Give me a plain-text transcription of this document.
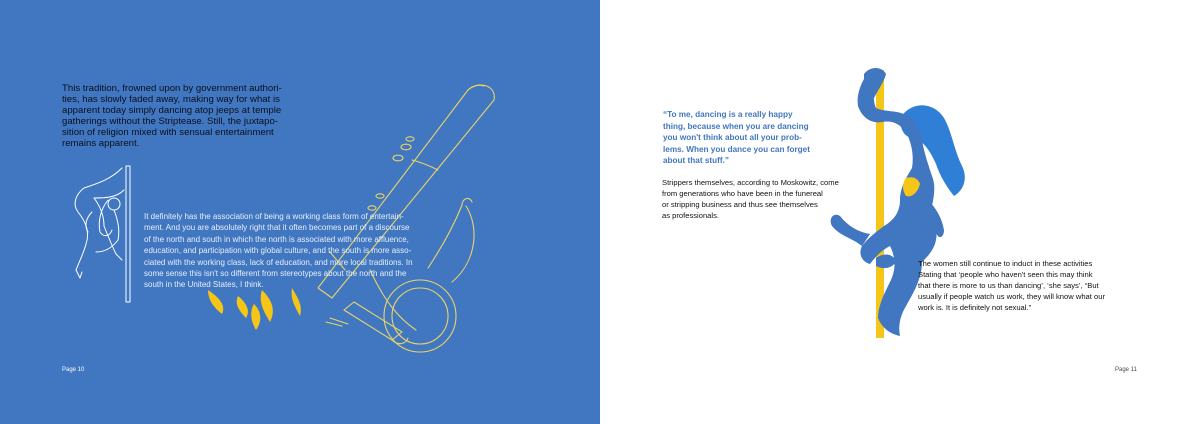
This tradition, frowned upon by government authori-
ties, has slowly faded away, making way for what is
apparent today simply dancing atop jeeps at temple
gatherings without the Striptease. Still, the juxtapo-
sition of religion mixed with sensual entertainment
remains apparent.

It definitely has the association of being a working class form of entertain-
ment. And you are absolutely right that it often becomes part of a discourse
of the north and south in which the north is associated with more affluence,
education, and participation with global culture, and the south is more asso-
ciated with the working class, lack of education, and more local traditions. In
some sense this isn't so different from stereotypes about the north and the
south in the United States, I think.

Page 10

“To me, dancing is a really happy
thing, because when you are dancing
you won't think about all your prob-
lems. When you dance you can forget
about that stuff.”

Strippers themselves, according to Moskowitz, come
from generations who have been in the funereal
or stripping business and thus see themselves
as professionals.

The women still continue to induct in these activities
Stating that ‘people who haven't seen this may think
that there is more to us than dancing’, ‘she says’, “But
usually if people watch us work, they will know what our
work is. It is definitely not sexual.”

Page 11
